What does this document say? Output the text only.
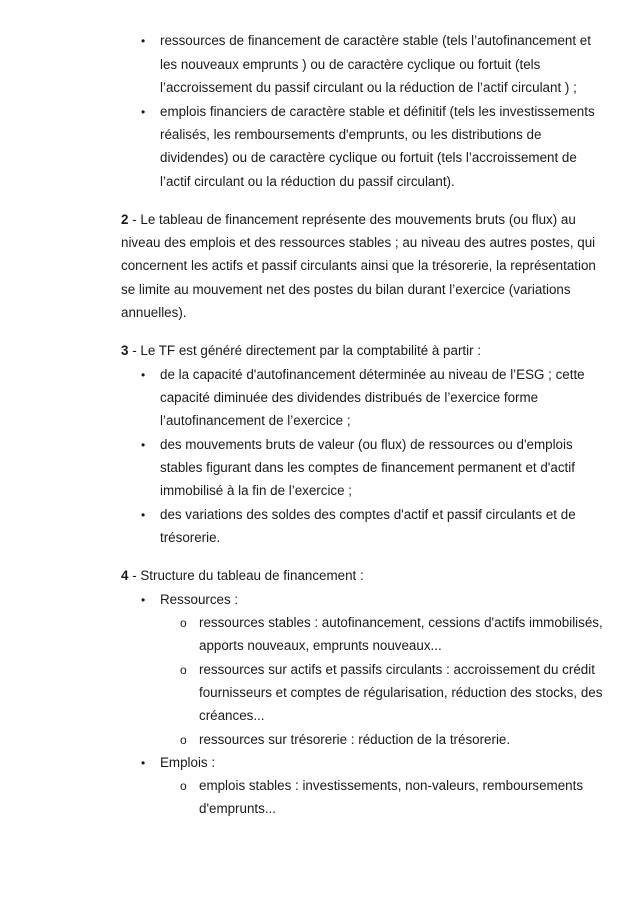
• ressources de financement de caractère stable (tels l’autofinancement et
les nouveaux emprunts ) ou de caractère cyclique ou fortuit (tels
l’accroissement du passif circulant ou la réduction de l’actif circulant ) ;
• emplois financiers de caractère stable et définitif (tels les investissements
réalisés, les remboursements d'emprunts, ou les distributions de
dividendes) ou de caractère cyclique ou fortuit (tels l’accroissement de
l’actif circulant ou la réduction du passif circulant).
2 - Le tableau de financement représente des mouvements bruts (ou flux) au
niveau des emplois et des ressources stables ; au niveau des autres postes, qui
concernent les actifs et passif circulants ainsi que la trésorerie, la représentation
se limite au mouvement net des postes du bilan durant l’exercice (variations
annuelles).
3 - Le TF est généré directement par la comptabilité à partir :
• de la capacité d'autofinancement déterminée au niveau de l’ESG ; cette
capacité diminuée des dividendes distribués de l’exercice forme
l’autofinancement de l’exercice ;
• des mouvements bruts de valeur (ou flux) de ressources ou d'emplois
stables figurant dans les comptes de financement permanent et d'actif
immobilisé à la fin de l’exercice ;
• des variations des soldes des comptes d'actif et passif circulants et de
trésorerie.
4 - Structure du tableau de financement :
• Ressources :
o ressources stables : autofinancement, cessions d'actifs immobilisés,
apports nouveaux, emprunts nouveaux...
o ressources sur actifs et passifs circulants : accroissement du crédit
fournisseurs et comptes de régularisation, réduction des stocks, des
créances...
o ressources sur trésorerie : réduction de la trésorerie.
• Emplois :
o emplois stables : investissements, non-valeurs, remboursements
d'emprunts...
